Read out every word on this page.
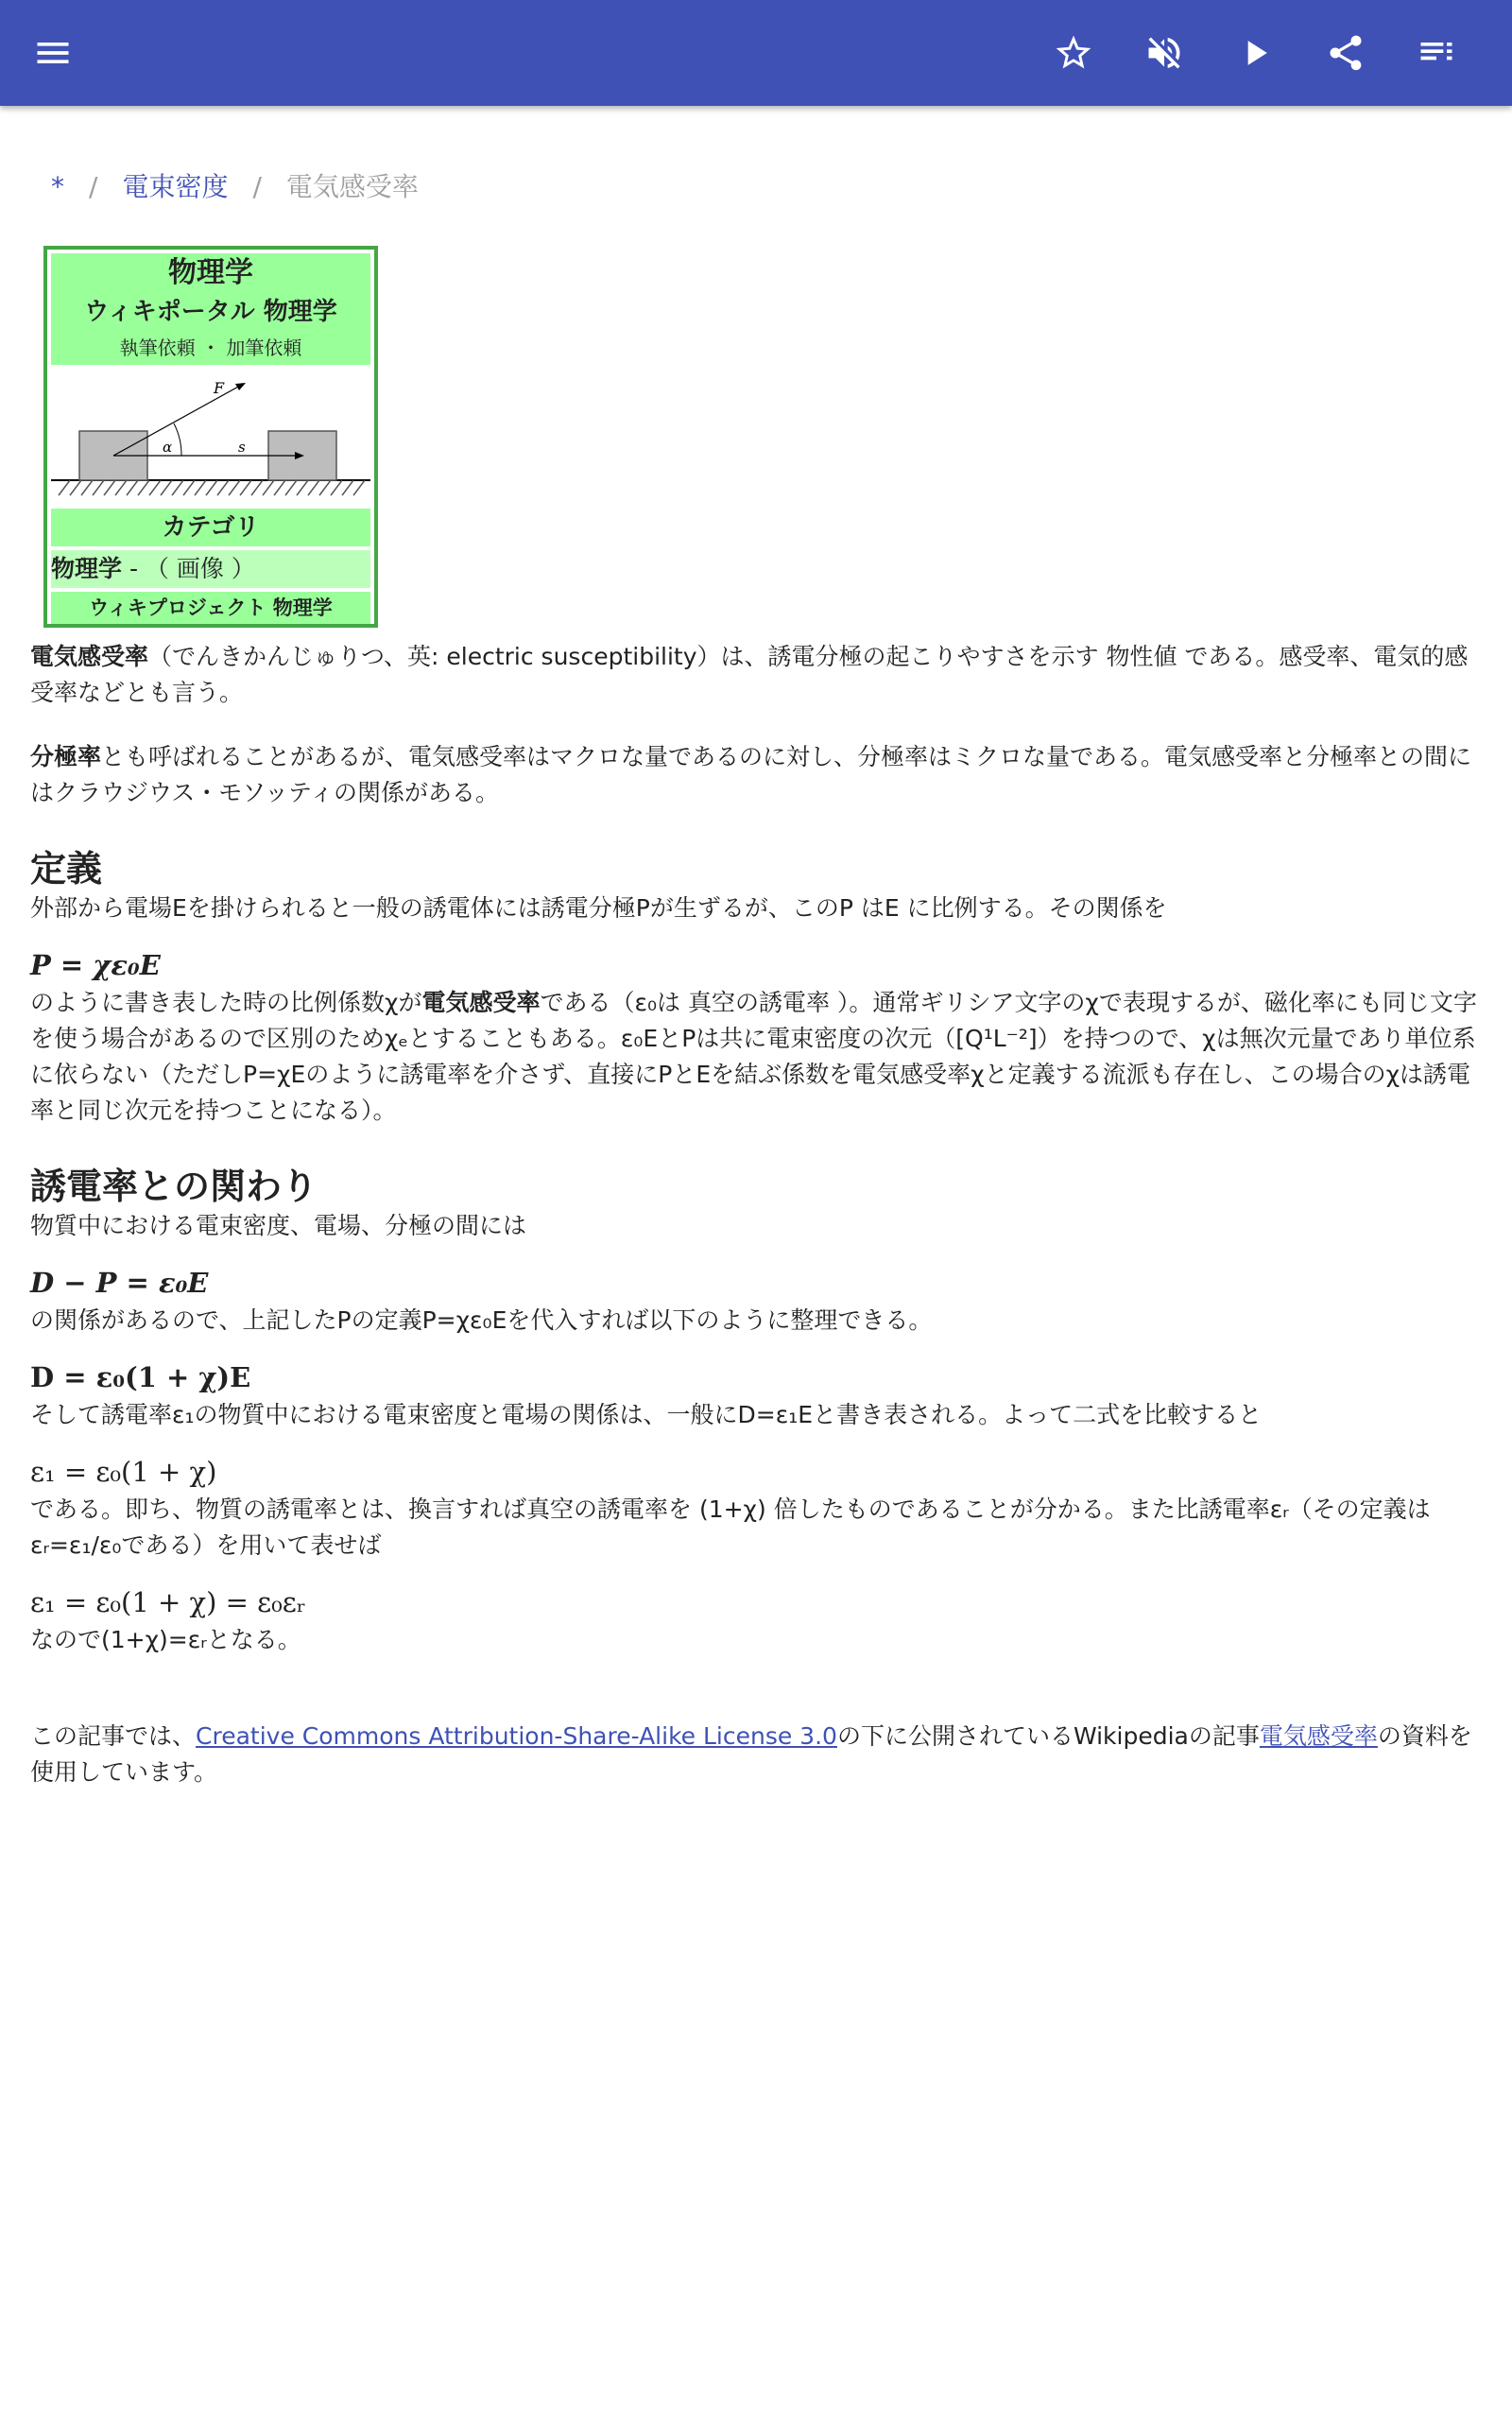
* / 電束密度 / 電気感受率
物理学
ウィキポータル 物理学
執筆依頼 ・ 加筆依頼
F
α	s
カテゴリ
物理学 - （ 画像 ）
ウィキプロジェクト 物理学

電気感受率（でんきかんじゅりつ、英: electric susceptibility）は、誘電分極の起こりやすさを示す 物性値 である。感受率、電気的感受率などとも言う。

分極率とも呼ばれることがあるが、電気感受率はマクロな量であるのに対し、分極率はミクロな量である。電気感受率と分極率との間にはクラウジウス・モソッティの関係がある。

定義

外部から電場Eを掛けられると一般の誘電体には誘電分極Pが生ずるが、このP はE に比例する。その関係を

P = χε₀E

のように書き表した時の比例係数χが電気感受率である（ε₀は 真空の誘電率 ）。通常ギリシア文字のχで表現するが、磁化率にも同じ文字を使う場合があるので区別のためχₑとすることもある。ε₀EとPは共に電束密度の次元（[Q¹L⁻²]）を持つので、χは無次元量であり単位系に依らない（ただしP=χEのように誘電率を介さず、直接にPとEを結ぶ係数を電気感受率χと定義する流派も存在し、この場合のχは誘電率と同じ次元を持つことになる）。

誘電率との関わり

物質中における電束密度、電場、分極の間には

D − P = ε₀E

の関係があるので、上記したPの定義P=χε₀Eを代入すれば以下のように整理できる。

D = ε₀(1 + χ)E

そして誘電率ε₁の物質中における電束密度と電場の関係は、一般にD=ε₁Eと書き表される。よって二式を比較すると

ε₁ = ε₀(1 + χ)

である。即ち、物質の誘電率とは、換言すれば真空の誘電率を (1+χ) 倍したものであることが分かる。また比誘電率εᵣ（その定義はεᵣ=ε₁/ε₀である）を用いて表せば

ε₁ = ε₀(1 + χ) = ε₀εᵣ

なので(1+χ)=εᵣとなる。

この記事では、Creative Commons Attribution-Share-Alike License 3.0の下に公開されているWikipediaの記事電気感受率の資料を使用しています。
